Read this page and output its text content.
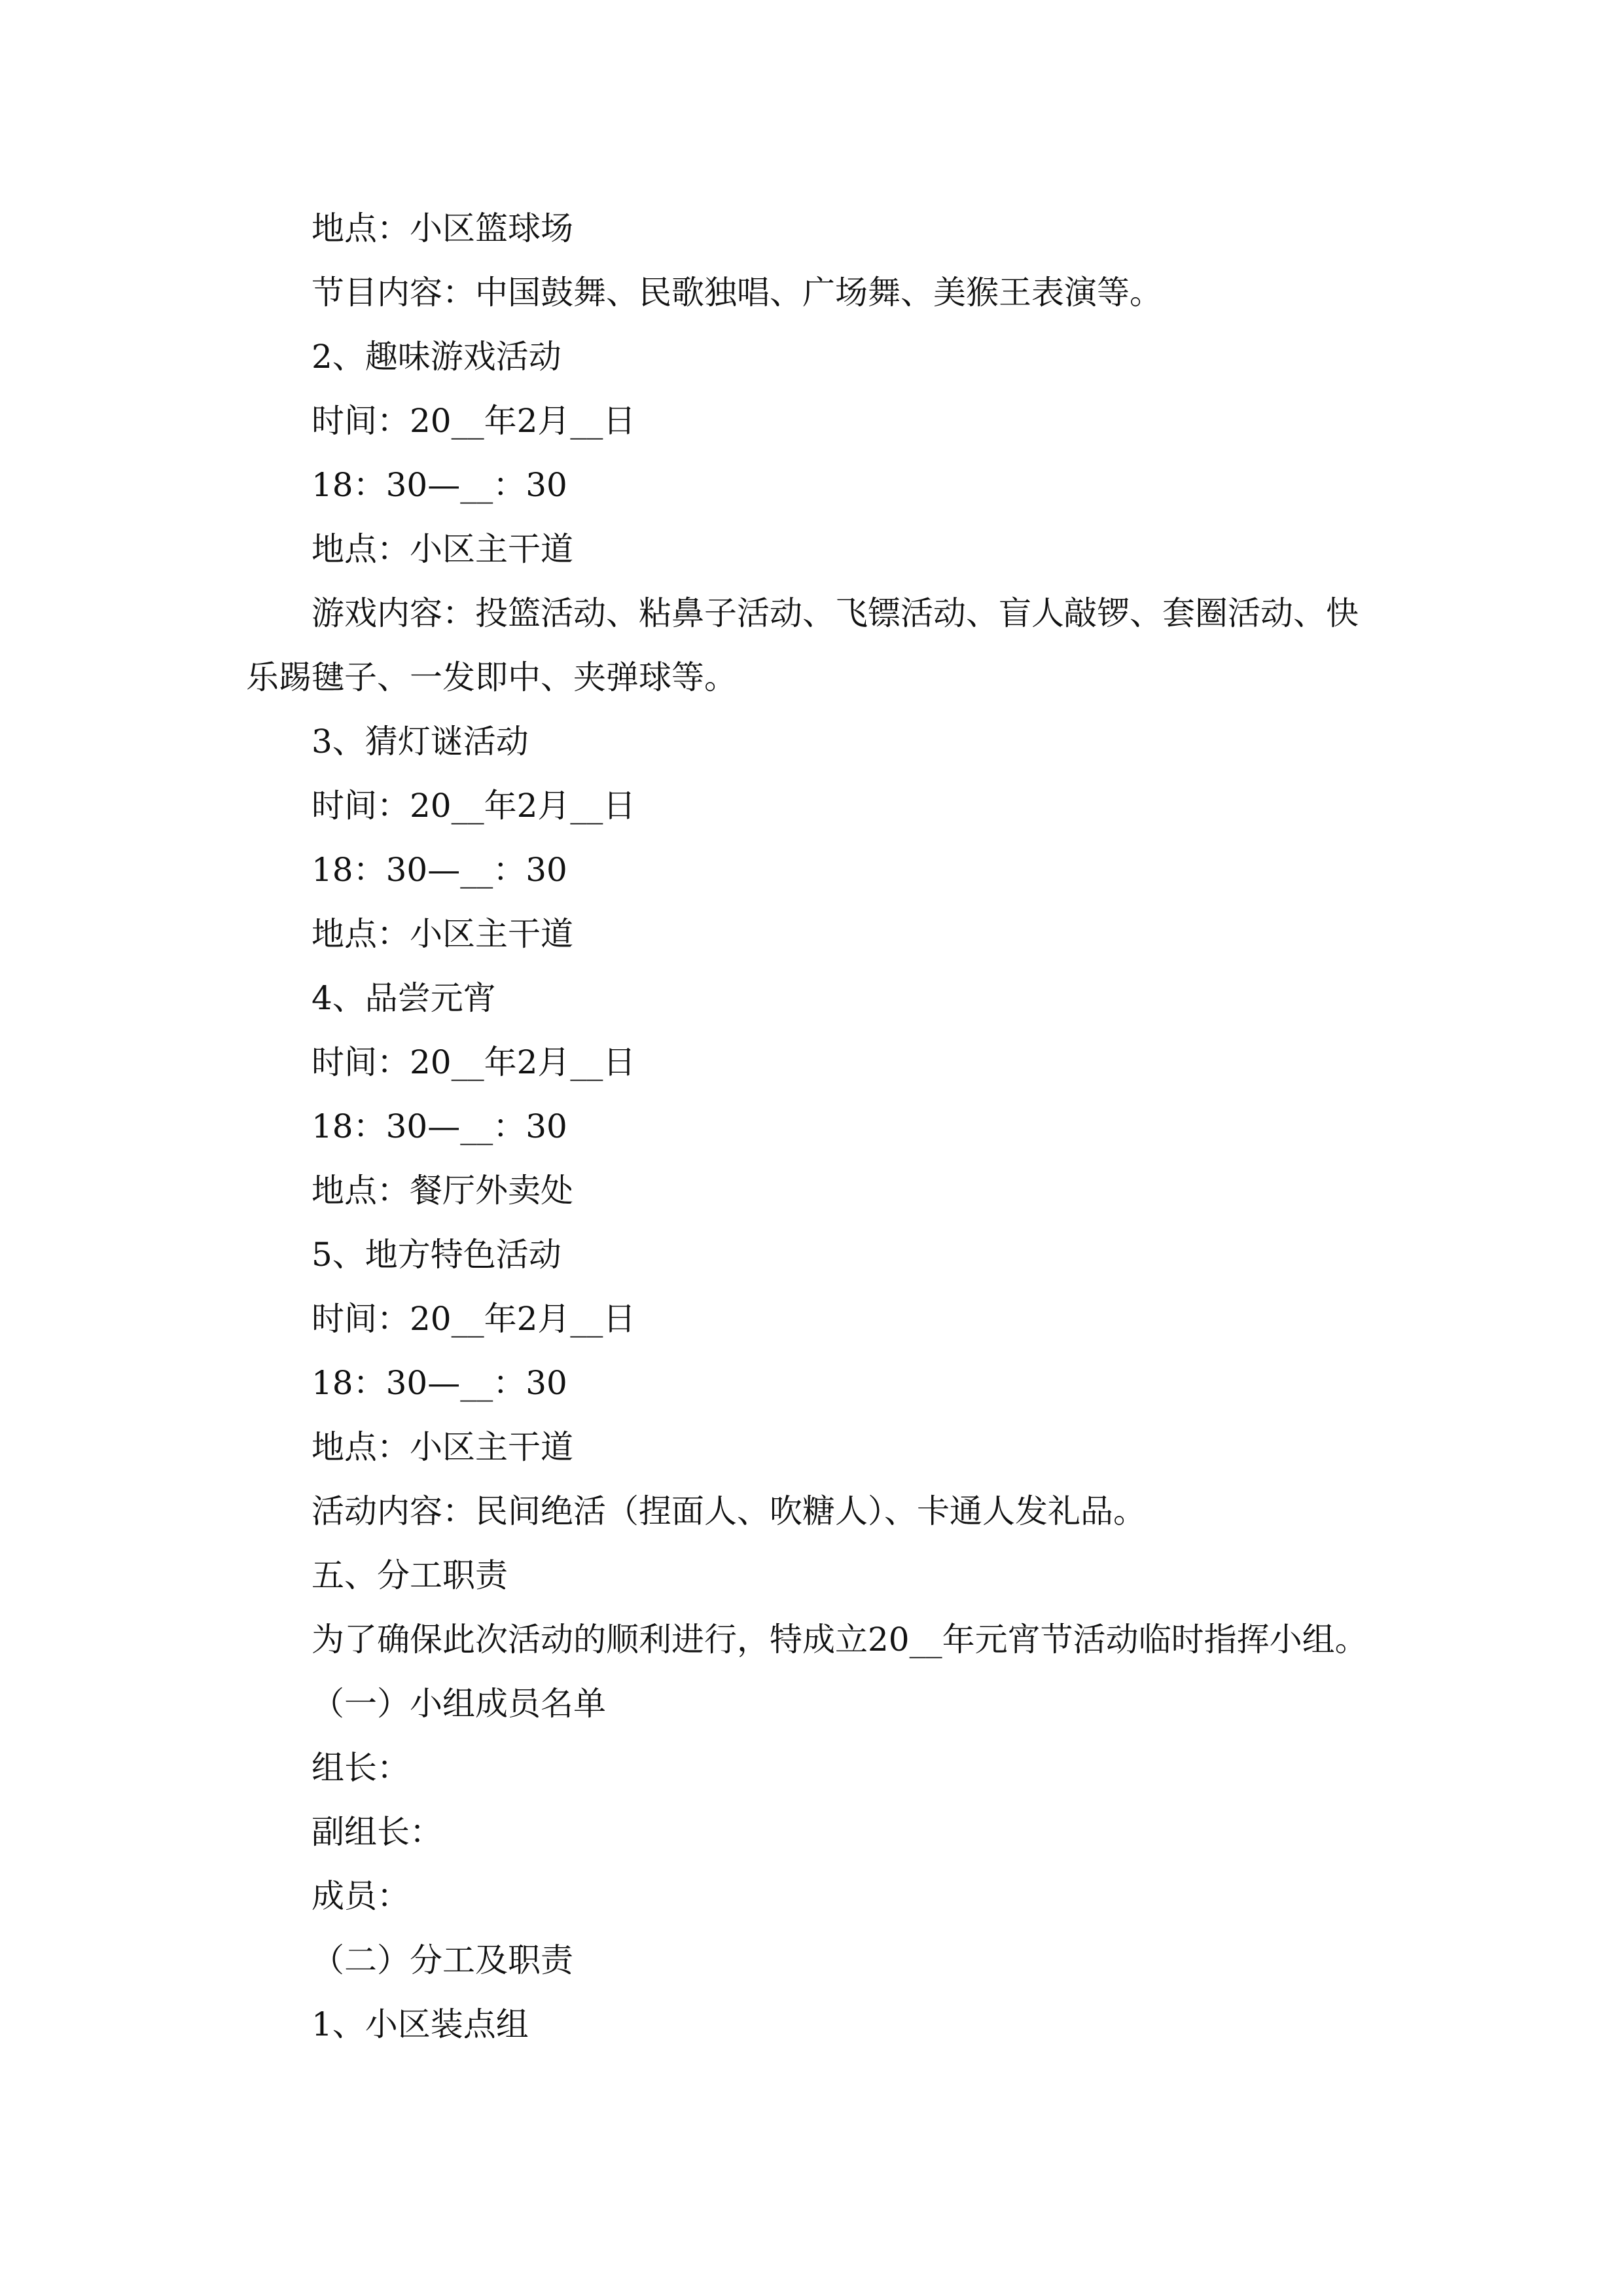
地点：小区篮球场
节目内容：中国鼓舞、民歌独唱、广场舞、美猴王表演等。
2、趣味游戏活动
时间：20__年2月__日
18：30—__：30
地点：小区主干道
游戏内容：投篮活动、粘鼻子活动、飞镖活动、盲人敲锣、套圈活动、快乐踢毽子、一发即中、夹弹球等。
3、猜灯谜活动
时间：20__年2月__日
18：30—__：30
地点：小区主干道
4、品尝元宵
时间：20__年2月__日
18：30—__：30
地点：餐厅外卖处
5、地方特色活动
时间：20__年2月__日
18：30—__：30
地点：小区主干道
活动内容：民间绝活（捏面人、吹糖人）、卡通人发礼品。
五、分工职责
为了确保此次活动的顺利进行，特成立20__年元宵节活动临时指挥小组。
（一）小组成员名单
组长：
副组长：
成员：
（二）分工及职责
1、小区装点组
